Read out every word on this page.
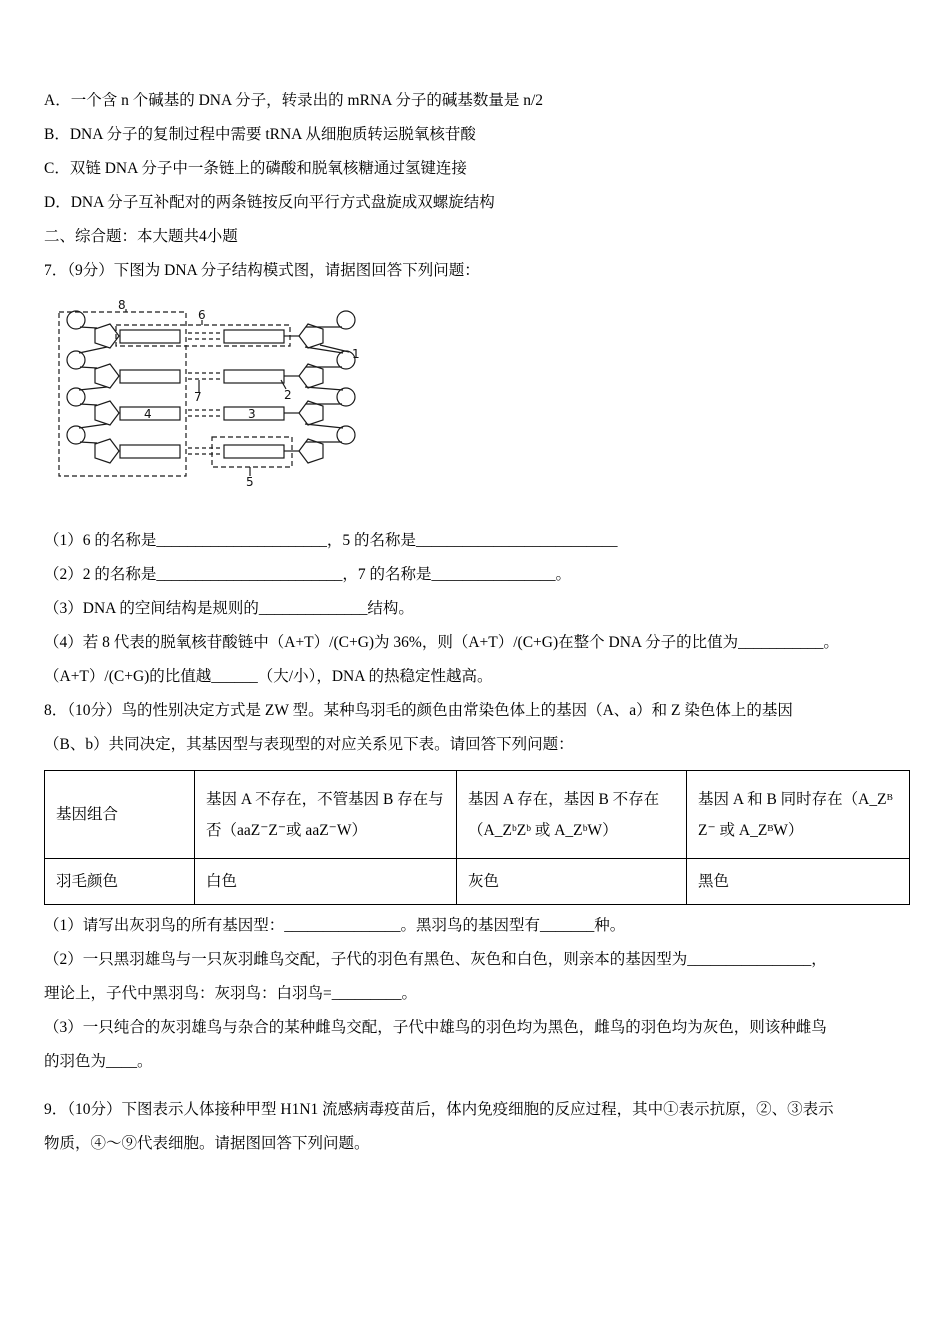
A．一个含 n 个碱基的 DNA 分子，转录出的 mRNA 分子的碱基数量是 n/2
B．DNA 分子的复制过程中需要 tRNA 从细胞质转运脱氧核苷酸
C．双链 DNA 分子中一条链上的磷酸和脱氧核糖通过氢键连接
D．DNA 分子互补配对的两条链按反向平行方式盘旋成双螺旋结构
二、综合题：本大题共4小题
7．（9分）下图为 DNA 分子结构模式图，请据图回答下列问题：
8
6
1
2
7
4	3
5
（1）6 的名称是______________________，5 的名称是__________________________
（2）2 的名称是________________________，7 的名称是________________。
（3）DNA 的空间结构是规则的______________结构。
（4）若 8 代表的脱氧核苷酸链中（A+T）/(C+G)为 36%，则（A+T）/(C+G)在整个 DNA 分子的比值为___________。
（A+T）/(C+G)的比值越______（大/小），DNA 的热稳定性越高。
8．（10分）鸟的性别决定方式是 ZW 型。某种鸟羽毛的颜色由常染色体上的基因（A、a）和 Z 染色体上的基因
（B、b）共同决定，其基因型与表现型的对应关系见下表。请回答下列问题：
基因组合	基因 A 不存在，不管基因 B 存在与否（aaZ⁻Z⁻或 aaZ⁻W）	基因 A 存在，基因 B 不存在（A_ZᵇZᵇ 或 A_ZᵇW）	基因 A 和 B 同时存在（A_ZᴮZ⁻ 或 A_ZᴮW）
羽毛颜色	白色	灰色	黑色
（1）请写出灰羽鸟的所有基因型：_______________。黑羽鸟的基因型有_______种。
（2）一只黑羽雄鸟与一只灰羽雌鸟交配，子代的羽色有黑色、灰色和白色，则亲本的基因型为________________，
理论上，子代中黑羽鸟：灰羽鸟：白羽鸟=_________。
（3）一只纯合的灰羽雄鸟与杂合的某种雌鸟交配，子代中雄鸟的羽色均为黑色，雌鸟的羽色均为灰色，则该种雌鸟
的羽色为____。
9．（10分）下图表示人体接种甲型 H1N1 流感病毒疫苗后，体内免疫细胞的反应过程，其中①表示抗原，②、③表示
物质，④～⑨代表细胞。请据图回答下列问题。
